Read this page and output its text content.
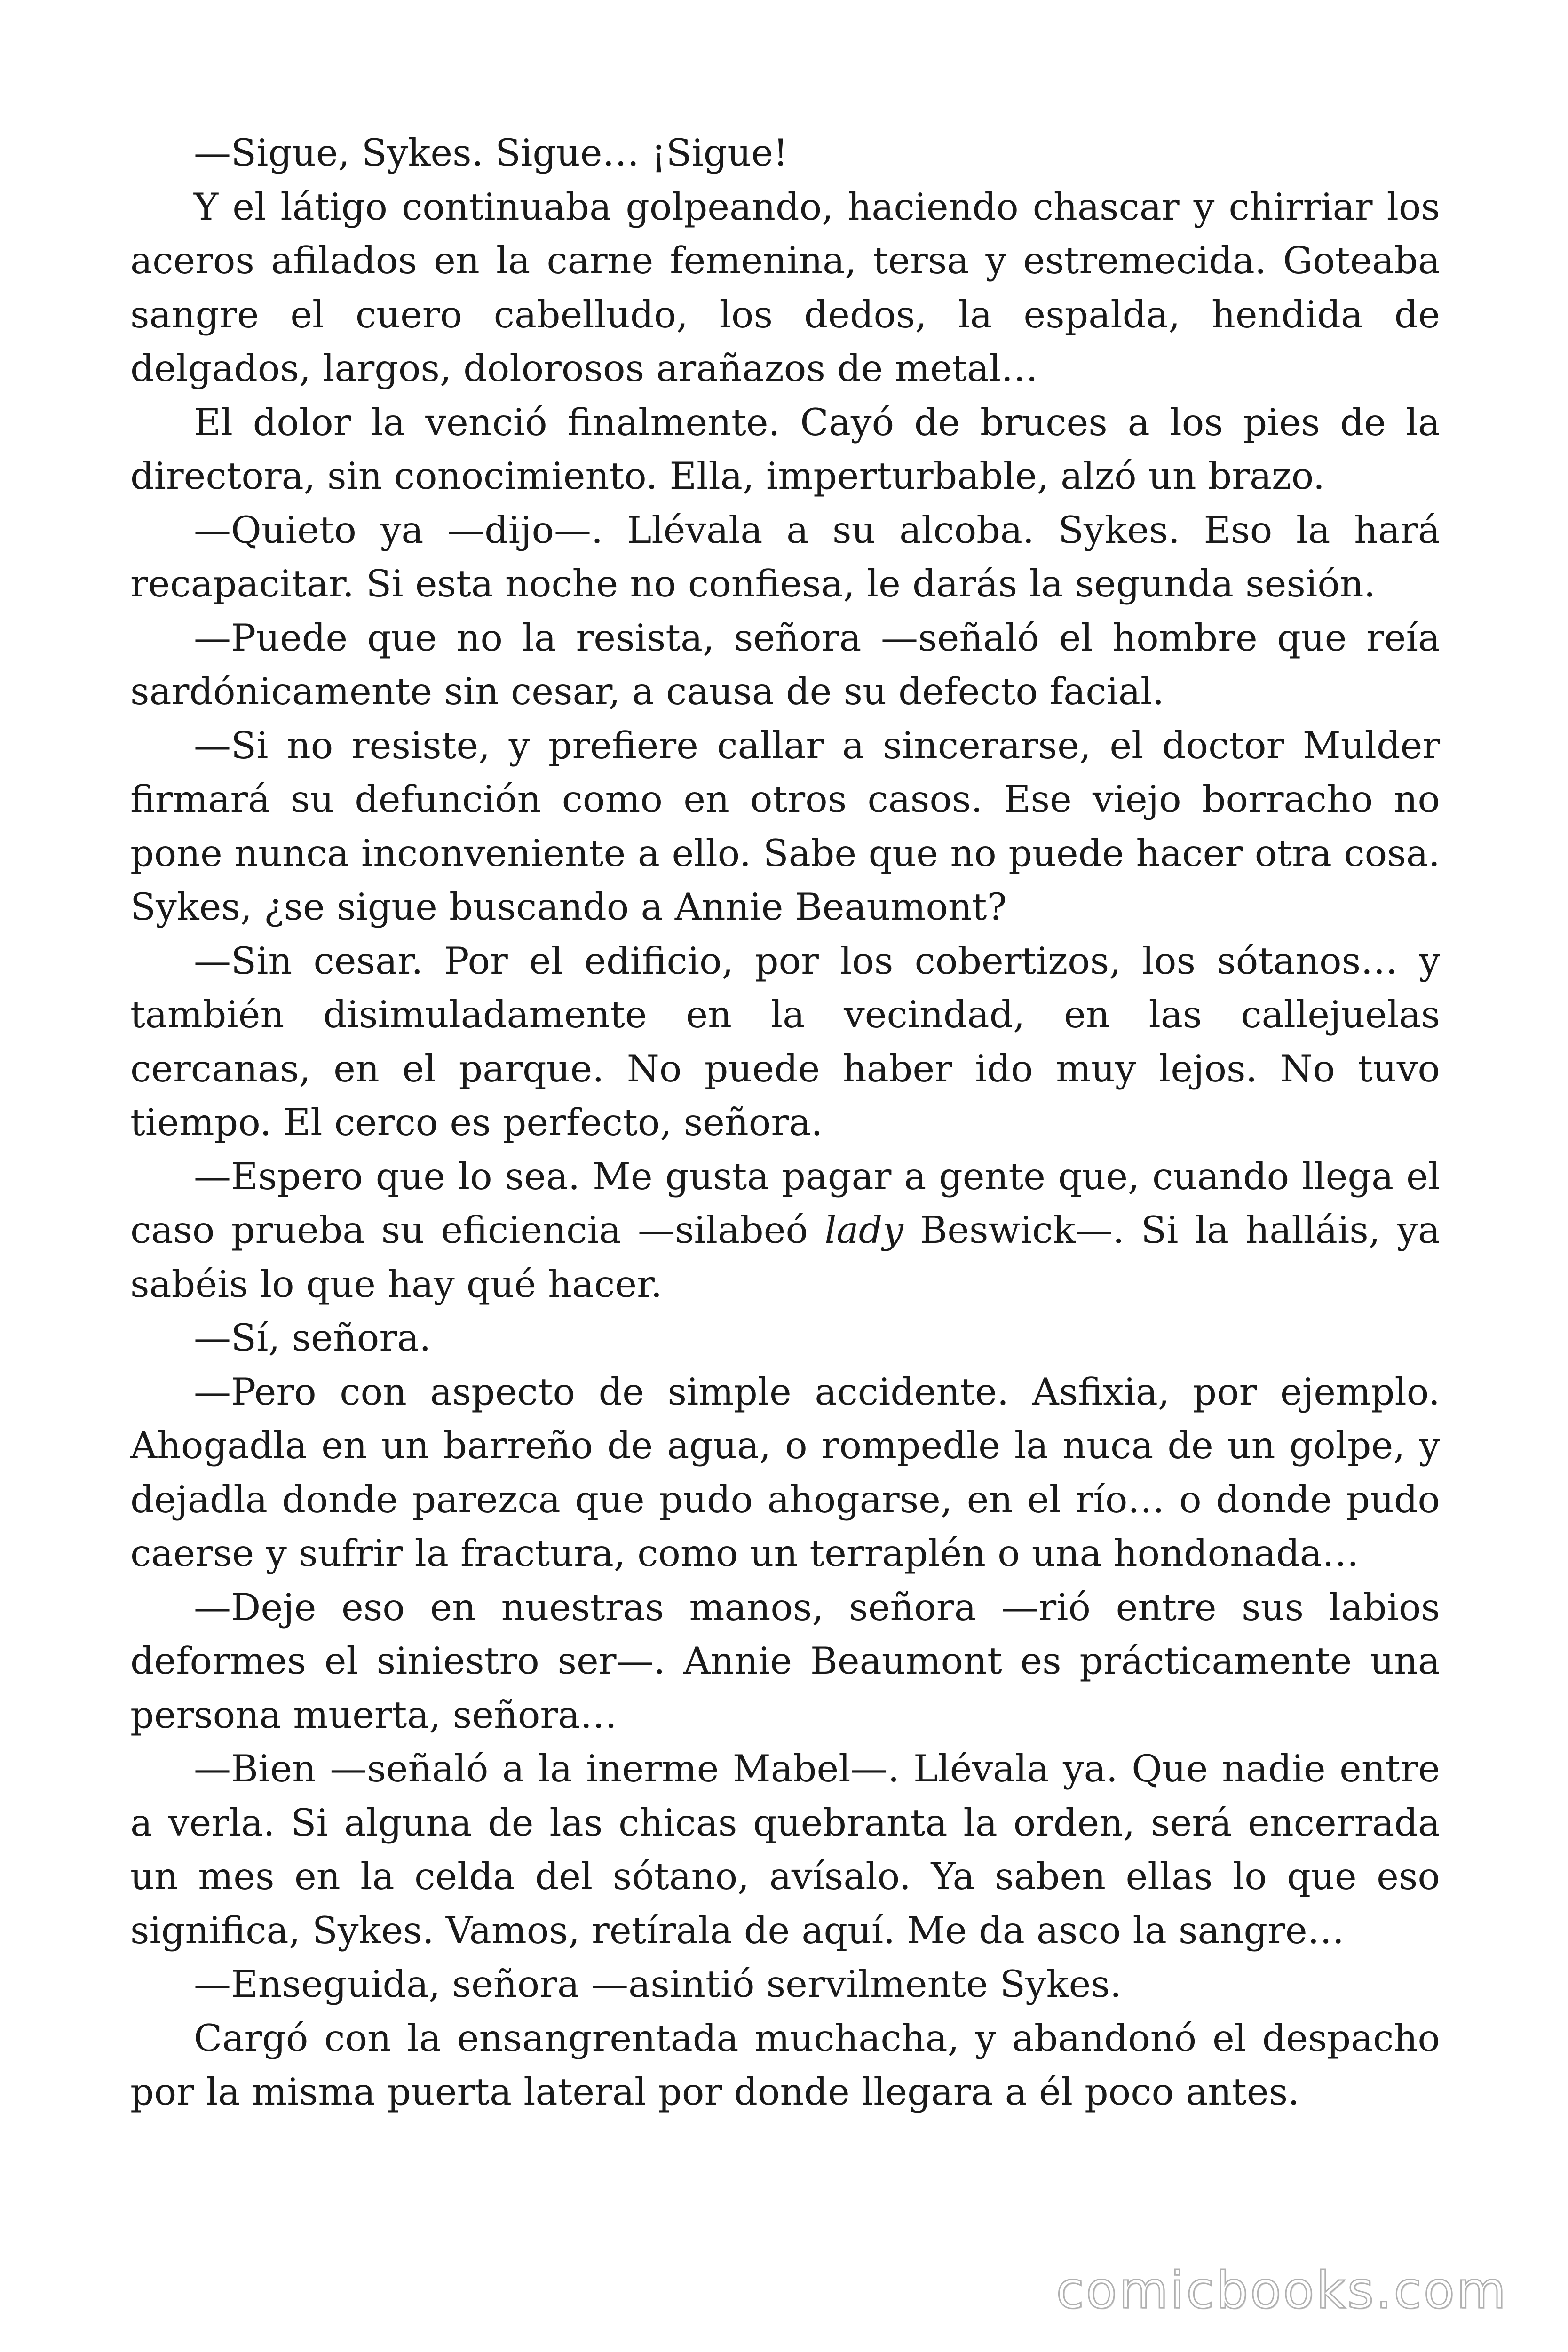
—Sigue, Sykes. Sigue… ¡Sigue!

Y el látigo continuaba golpeando, haciendo chascar y chirriar los aceros afilados en la carne femenina, tersa y estremecida. Goteaba sangre el cuero cabelludo, los dedos, la espalda, hendida de delgados, largos, dolorosos arañazos de metal…

El dolor la venció finalmente. Cayó de bruces a los pies de la directora, sin conocimiento. Ella, imperturbable, alzó un brazo.

—Quieto ya —dijo—. Llévala a su alcoba. Sykes. Eso la hará recapacitar. Si esta noche no confiesa, le darás la segunda sesión.

—Puede que no la resista, señora —señaló el hombre que reía sardónicamente sin cesar, a causa de su defecto facial.

—Si no resiste, y prefiere callar a sincerarse, el doctor Mulder firmará su defunción como en otros casos. Ese viejo borracho no pone nunca inconveniente a ello. Sabe que no puede hacer otra cosa. Sykes, ¿se sigue buscando a Annie Beaumont?

—Sin cesar. Por el edificio, por los cobertizos, los sótanos… y también disimuladamente en la vecindad, en las callejuelas cercanas, en el parque. No puede haber ido muy lejos. No tuvo tiempo. El cerco es perfecto, señora.

—Espero que lo sea. Me gusta pagar a gente que, cuando llega el caso prueba su eficiencia —silabeó lady Beswick—. Si la halláis, ya sabéis lo que hay qué hacer.

—Sí, señora.

—Pero con aspecto de simple accidente. Asfixia, por ejemplo. Ahogadla en un barreño de agua, o rompedle la nuca de un golpe, y dejadla donde parezca que pudo ahogarse, en el río… o donde pudo caerse y sufrir la fractura, como un terraplén o una hondonada…

—Deje eso en nuestras manos, señora —rió entre sus labios deformes el siniestro ser—. Annie Beaumont es prácticamente una persona muerta, señora…

—Bien —señaló a la inerme Mabel—. Llévala ya. Que nadie entre a verla. Si alguna de las chicas quebranta la orden, será encerrada un mes en la celda del sótano, avísalo. Ya saben ellas lo que eso significa, Sykes. Vamos, retírala de aquí. Me da asco la sangre…

—Enseguida, señora —asintió servilmente Sykes.

Cargó con la ensangrentada muchacha, y abandonó el despacho por la misma puerta lateral por donde llegara a él poco antes.

comicbooks.com
